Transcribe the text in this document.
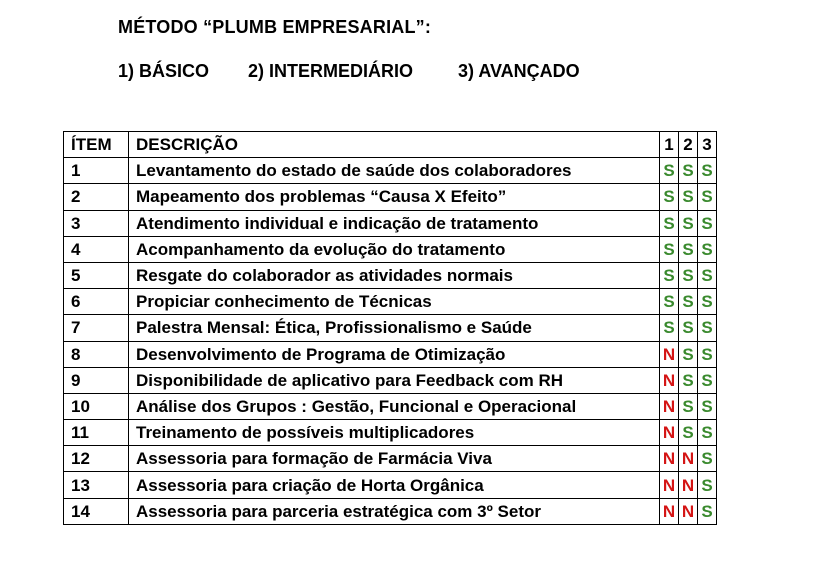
MÉTODO “PLUMB EMPRESARIAL”:
1) BÁSICO 2) INTERMEDIÁRIO 3) AVANÇADO
ÍTEM	DESCRIÇÃO	1	2	3
1	Levantamento do estado de saúde dos colaboradores	S	S	S
2	Mapeamento dos problemas “Causa X Efeito”	S	S	S
3	Atendimento individual e indicação de tratamento	S	S	S
4	Acompanhamento da evolução do tratamento	S	S	S
5	Resgate do colaborador as atividades normais	S	S	S
6	Propiciar conhecimento de Técnicas	S	S	S
7	Palestra Mensal: Ética, Profissionalismo e Saúde	S	S	S
8	Desenvolvimento de Programa de Otimização	N	S	S
9	Disponibilidade de aplicativo para Feedback com RH	N	S	S
10	Análise dos Grupos : Gestão, Funcional e Operacional	N	S	S
11	Treinamento de possíveis multiplicadores	N	S	S
12	Assessoria para formação de Farmácia Viva	N	N	S
13	Assessoria para criação de Horta Orgânica	N	N	S
14	Assessoria para parceria estratégica com 3º Setor	N	N	S
